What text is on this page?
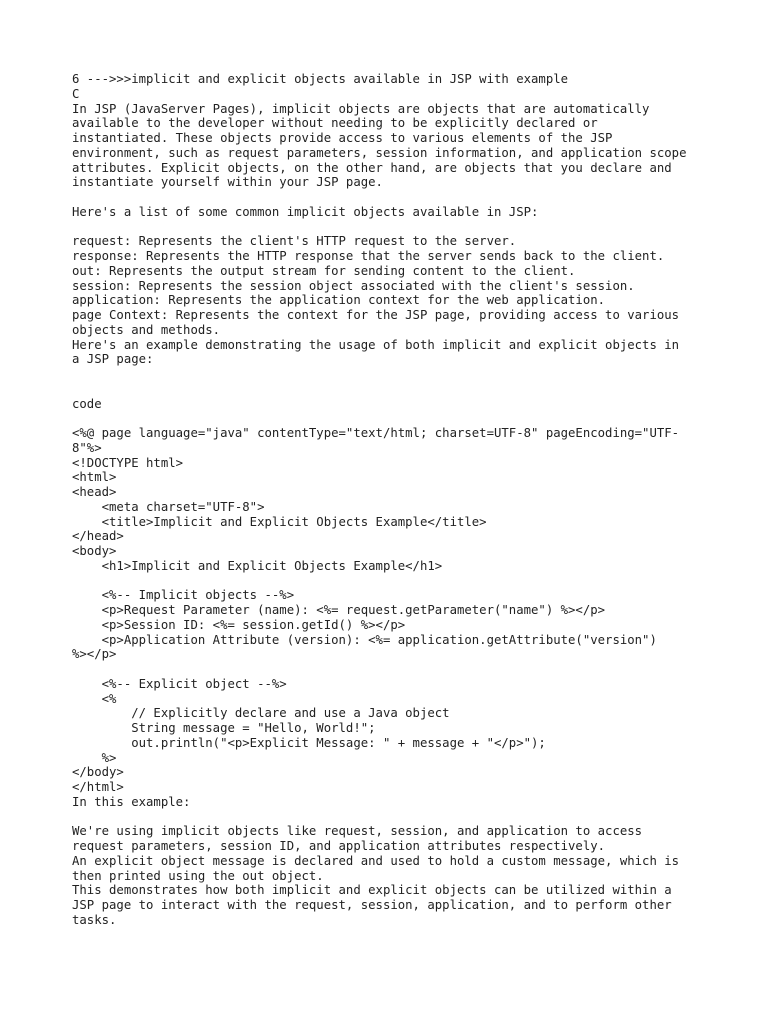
6 --->>>implicit and explicit objects available in JSP with example
C
In JSP (JavaServer Pages), implicit objects are objects that are automatically
available to the developer without needing to be explicitly declared or
instantiated. These objects provide access to various elements of the JSP
environment, such as request parameters, session information, and application scope
attributes. Explicit objects, on the other hand, are objects that you declare and
instantiate yourself within your JSP page.
Here's a list of some common implicit objects available in JSP:
request: Represents the client's HTTP request to the server.
response: Represents the HTTP response that the server sends back to the client.
out: Represents the output stream for sending content to the client.
session: Represents the session object associated with the client's session.
application: Represents the application context for the web application.
page Context: Represents the context for the JSP page, providing access to various
objects and methods.
Here's an example demonstrating the usage of both implicit and explicit objects in
a JSP page:
code
<%@ page language="java" contentType="text/html; charset=UTF-8" pageEncoding="UTF-
8"%>
<!DOCTYPE html>
<html>
<head>
<meta charset="UTF-8">
<title>Implicit and Explicit Objects Example</title>
</head>
<body>
<h1>Implicit and Explicit Objects Example</h1>
<%-- Implicit objects --%>
<p>Request Parameter (name): <%= request.getParameter("name") %></p>
<p>Session ID: <%= session.getId() %></p>
<p>Application Attribute (version): <%= application.getAttribute("version")
%></p>
<%-- Explicit object --%>
<%
// Explicitly declare and use a Java object
String message = "Hello, World!";
out.println("<p>Explicit Message: " + message + "</p>");
%>
</body>
</html>
In this example:
We're using implicit objects like request, session, and application to access
request parameters, session ID, and application attributes respectively.
An explicit object message is declared and used to hold a custom message, which is
then printed using the out object.
This demonstrates how both implicit and explicit objects can be utilized within a
JSP page to interact with the request, session, application, and to perform other
tasks.
